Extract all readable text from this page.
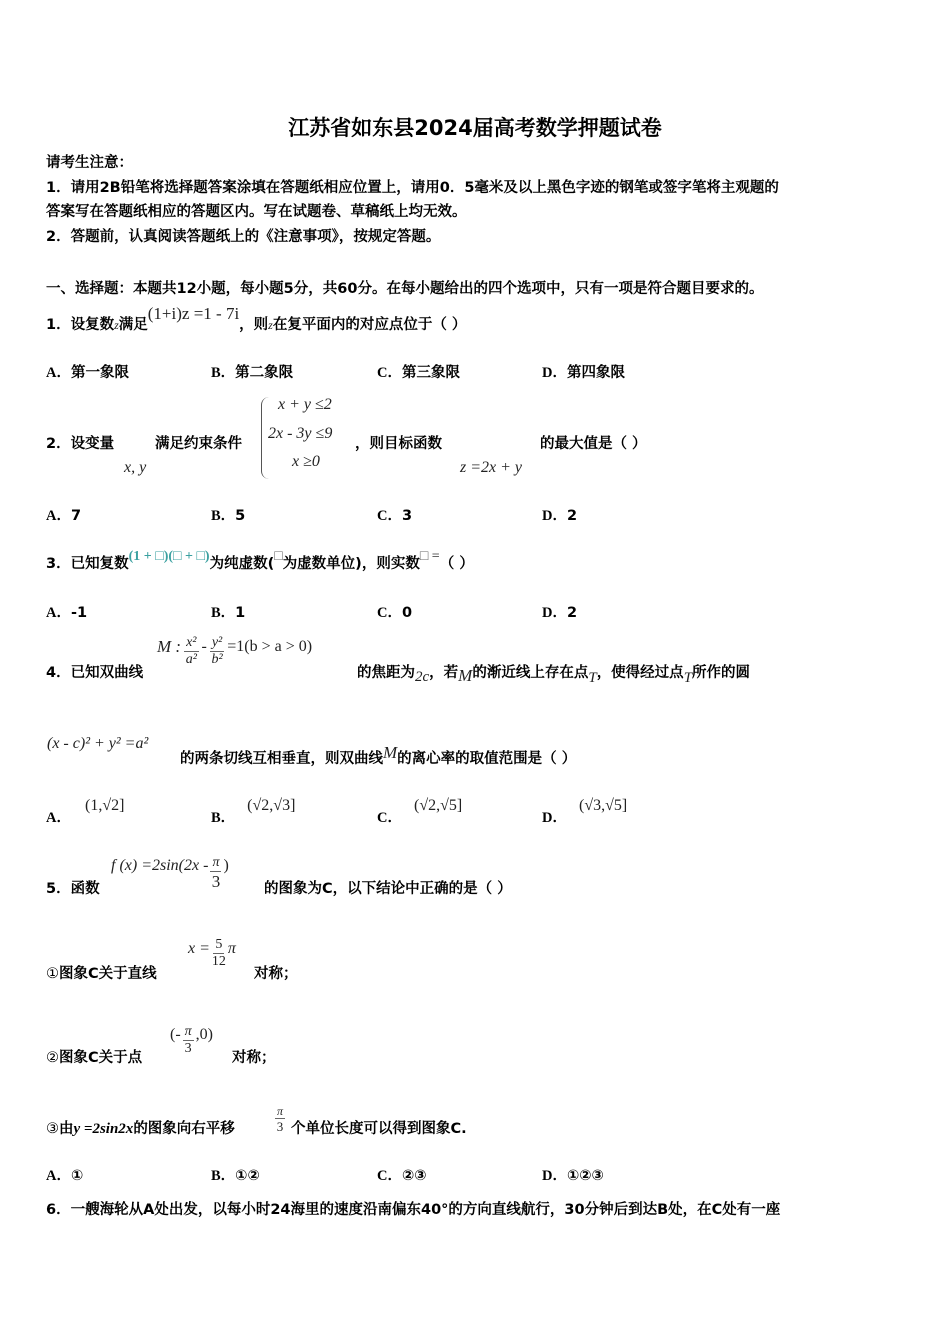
江苏省如东县2024届高考数学押题试卷
请考生注意：
1．请用2B铅笔将选择题答案涂填在答题纸相应位置上，请用0．5毫米及以上黑色字迹的钢笔或签字笔将主观题的
答案写在答题纸相应的答题区内。写在试题卷、草稿纸上均无效。
2．答题前，认真阅读答题纸上的《注意事项》，按规定答题。
一、选择题：本题共12小题，每小题5分，共60分。在每小题给出的四个选项中，只有一项是符合题目要求的。
1．设复数z满足(1+i)z =1 - 7i，则z在复平面内的对应点位于（ ）
A．第一象限	B．第二象限	C．第三象限	D．第四象限
2．设变量
x, y
满足约束条件
x + y ≤2
2x - 3y ≤9
x ≥0
，则目标函数
z =2x + y
的最大值是（ ）
A．7	B．5	C．3	D．2
3．已知复数(1 + □)(□ + □)为纯虚数(□为虚数单位)，则实数□ =（ ）
A．-1	B．1	C．0	D．2
4．已知双曲线
M : $\frac{\text{x²}}{\text{a²}} - \frac{\text{y²}}{\text{b²}} =1(b > a > 0)$
的焦距为2c，若M的渐近线上存在点T，使得经过点T所作的圆
(x - c)² + y² =a²
的两条切线互相垂直，则双曲线M的离心率的取值范围是（ ）
A．(1,√2]
B．(√2,√3]
C．(√2,√5]
D．(√3,√5]
5．函数
f $(x) =2\sin(2x - \frac{\pi}{3}$ )
的图象为C，以下结论中正确的是（ ）
①图象C关于直线
$x = \frac{5}{12}$ π
对称；
②图象C关于点
(- $\frac{\pi}{3} ,0$)
对称；
③由y =2sin2x的图象向右平移	$\frac{\pi}{3}$ 个单位长度可以得到图象C.
A．①	B．①②	C．②③	D．①②③
6．一艘海轮从A处出发，以每小时24海里的速度沿南偏东40°的方向直线航行，30分钟后到达B处，在C处有一座
